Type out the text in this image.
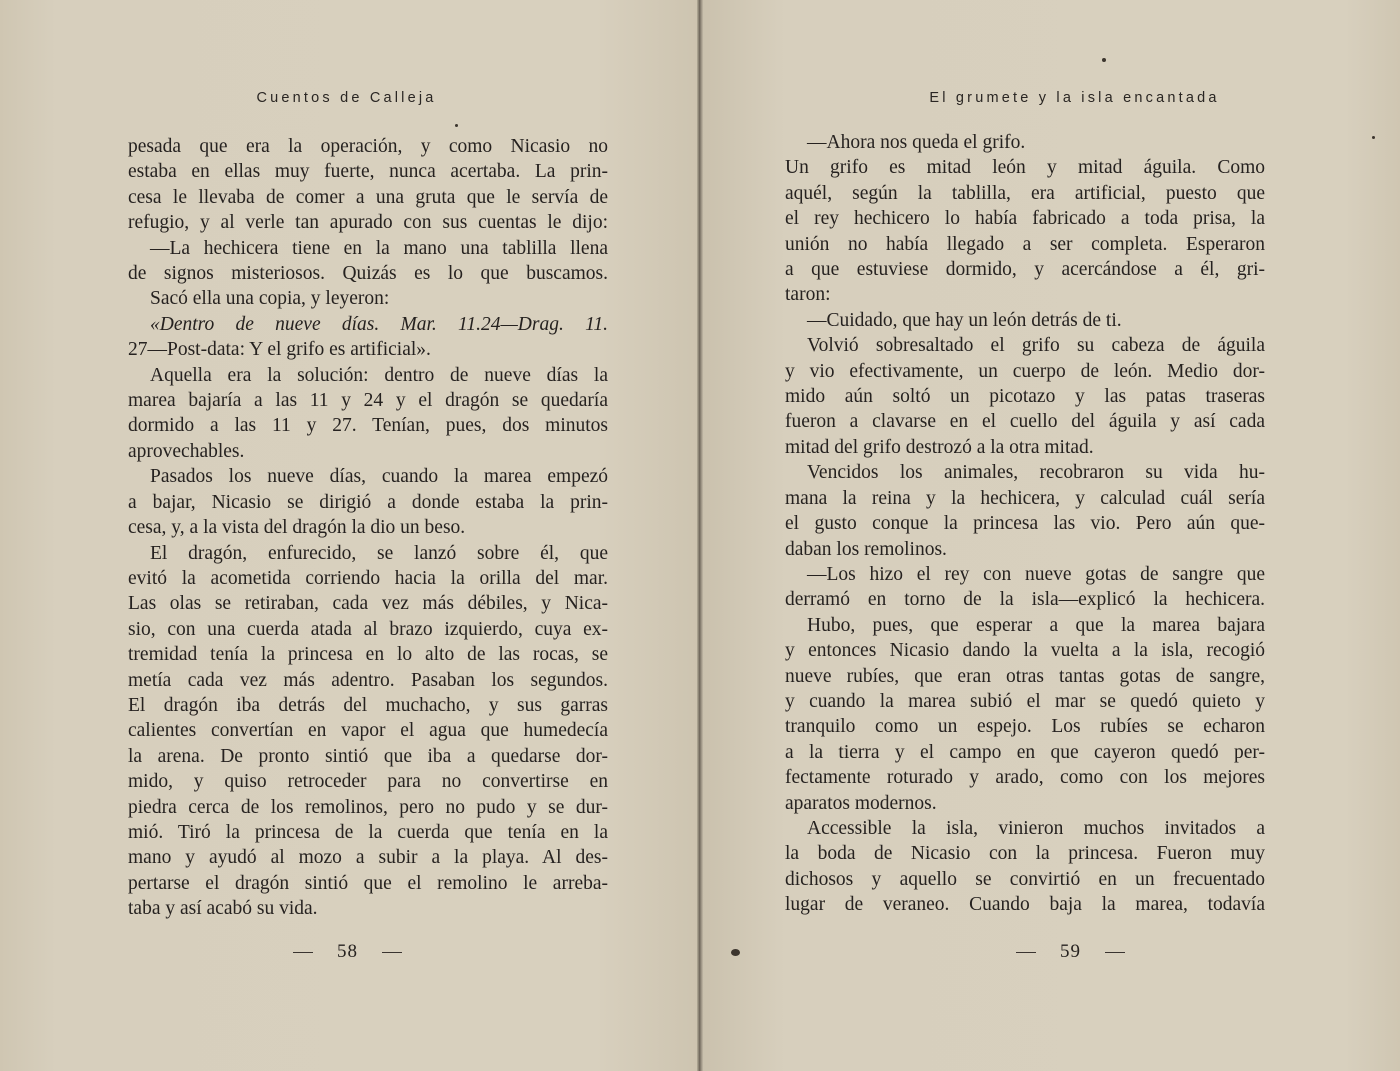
Cuentos de Calleja

pesada que era la operación, y como Nicasio no

estaba en ellas muy fuerte, nunca acertaba. La prin-

cesa le llevaba de comer a una gruta que le servía de

refugio, y al verle tan apurado con sus cuentas le dijo:

—La hechicera tiene en la mano una tablilla llena

de signos misteriosos. Quizás es lo que buscamos.

Sacó ella una copia, y leyeron:

«Dentro de nueve días. Mar. 11.24—Drag. 11.

27—Post-data: Y el grifo es artificial».

Aquella era la solución: dentro de nueve días la

marea bajaría a las 11 y 24 y el dragón se quedaría

dormido a las 11 y 27. Tenían, pues, dos minutos

aprovechables.

Pasados los nueve días, cuando la marea empezó

a bajar, Nicasio se dirigió a donde estaba la prin-

cesa, y, a la vista del dragón la dio un beso.

El dragón, enfurecido, se lanzó sobre él, que

evitó la acometida corriendo hacia la orilla del mar.

Las olas se retiraban, cada vez más débiles, y Nica-

sio, con una cuerda atada al brazo izquierdo, cuya ex-

tremidad tenía la princesa en lo alto de las rocas, se

metía cada vez más adentro. Pasaban los segundos.

El dragón iba detrás del muchacho, y sus garras

calientes convertían en vapor el agua que humedecía

la arena. De pronto sintió que iba a quedarse dor-

mido, y quiso retroceder para no convertirse en

piedra cerca de los remolinos, pero no pudo y se dur-

mió. Tiró la princesa de la cuerda que tenía en la

mano y ayudó al mozo a subir a la playa. Al des-

pertarse el dragón sintió que el remolino le arreba-

taba y así acabó su vida.

58
El grumete y la isla encantada

—Ahora nos queda el grifo.

Un grifo es mitad león y mitad águila. Como

aquél, según la tablilla, era artificial, puesto que

el rey hechicero lo había fabricado a toda prisa, la

unión no había llegado a ser completa. Esperaron

a que estuviese dormido, y acercándose a él, gri-

taron:

—Cuidado, que hay un león detrás de ti.

Volvió sobresaltado el grifo su cabeza de águila

y vio efectivamente, un cuerpo de león. Medio dor-

mido aún soltó un picotazo y las patas traseras

fueron a clavarse en el cuello del águila y así cada

mitad del grifo destrozó a la otra mitad.

Vencidos los animales, recobraron su vida hu-

mana la reina y la hechicera, y calculad cuál sería

el gusto conque la princesa las vio. Pero aún que-

daban los remolinos.

—Los hizo el rey con nueve gotas de sangre que

derramó en torno de la isla—explicó la hechicera.

Hubo, pues, que esperar a que la marea bajara

y entonces Nicasio dando la vuelta a la isla, recogió

nueve rubíes, que eran otras tantas gotas de sangre,

y cuando la marea subió el mar se quedó quieto y

tranquilo como un espejo. Los rubíes se echaron

a la tierra y el campo en que cayeron quedó per-

fectamente roturado y arado, como con los mejores

aparatos modernos.

Accessible la isla, vinieron muchos invitados a

la boda de Nicasio con la princesa. Fueron muy

dichosos y aquello se convirtió en un frecuentado

lugar de veraneo. Cuando baja la marea, todavía

59
